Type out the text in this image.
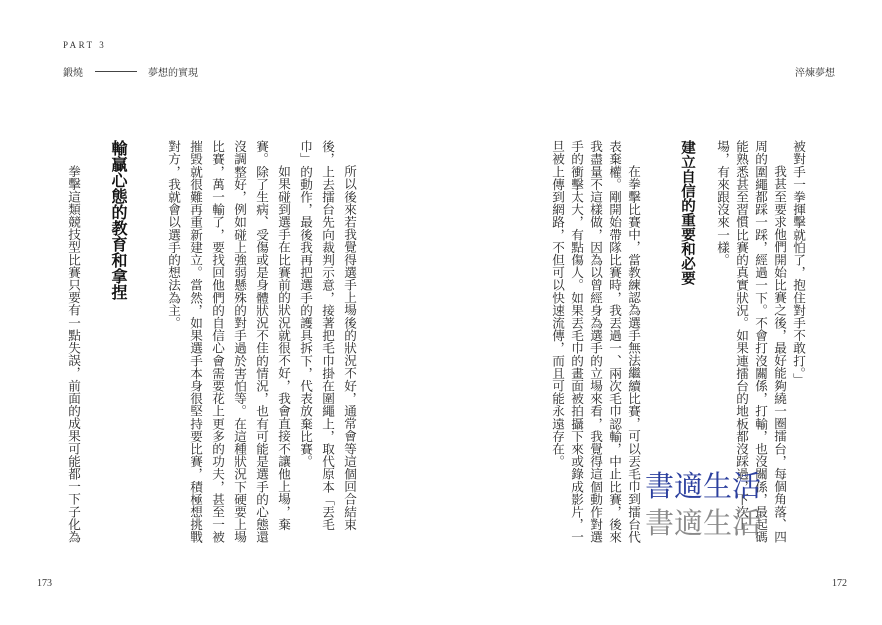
PART 3
鍛燒	夢想的實現	淬煉夢想
被對手一拳揮擊就怕了，抱住對手不敢打。」
我甚至要求他們開始比賽之後，最好能夠繞一圈擂台，每個角落、四
周的圍繩都踩一踩，經過一下。不會打沒關係，打輸，也沒關係，最起碼
能熟悉甚至習慣比賽的真實狀況。如果連擂台的地板都沒踩過，下次上
場，有來跟沒來一樣。
建立自信的重要和必要
在拳擊比賽中，當教練認為選手無法繼續比賽，可以丟毛巾到擂台代
表棄權。剛開始帶隊比賽時，我丟過一、兩次毛巾認輸，中止比賽，後來
我盡量不這樣做，因為以曾經身為選手的立場來看，我覺得這個動作對選
手的衝擊太大，有點傷人。如果丟毛巾的畫面被拍攝下來或錄成影片，一
旦被上傳到網路，不但可以快速流傳，而且可能永遠存在。
所以後來若我覺得選手上場後的狀況不好，通常會等這個回合結束
後，上去擂台先向裁判示意，接著把毛巾掛在圍繩上，取代原本「丟毛
巾」的動作，最後我再把選手的護具拆下，代表放棄比賽。
如果碰到選手在比賽前的狀況就很不好，我會直接不讓他上場，棄
賽。除了生病、受傷或是身體狀況不佳的情況，也有可能是選手的心態還
沒調整好，例如碰上強弱懸殊的對手過於害怕等。在這種狀況下硬要上場
比賽，萬一輸了，要找回他們的自信心會需要花上更多的功夫，甚至一被
摧毀就很難再重新建立。當然，如果選手本身很堅持要比賽，積極想挑戰
對方，我就會以選手的想法為主。
輸贏心態的教育和拿捏
拳擊這類競技型比賽只要有一點失誤，前面的成果可能都一下子化為	書適生活
書適生活
173	172
